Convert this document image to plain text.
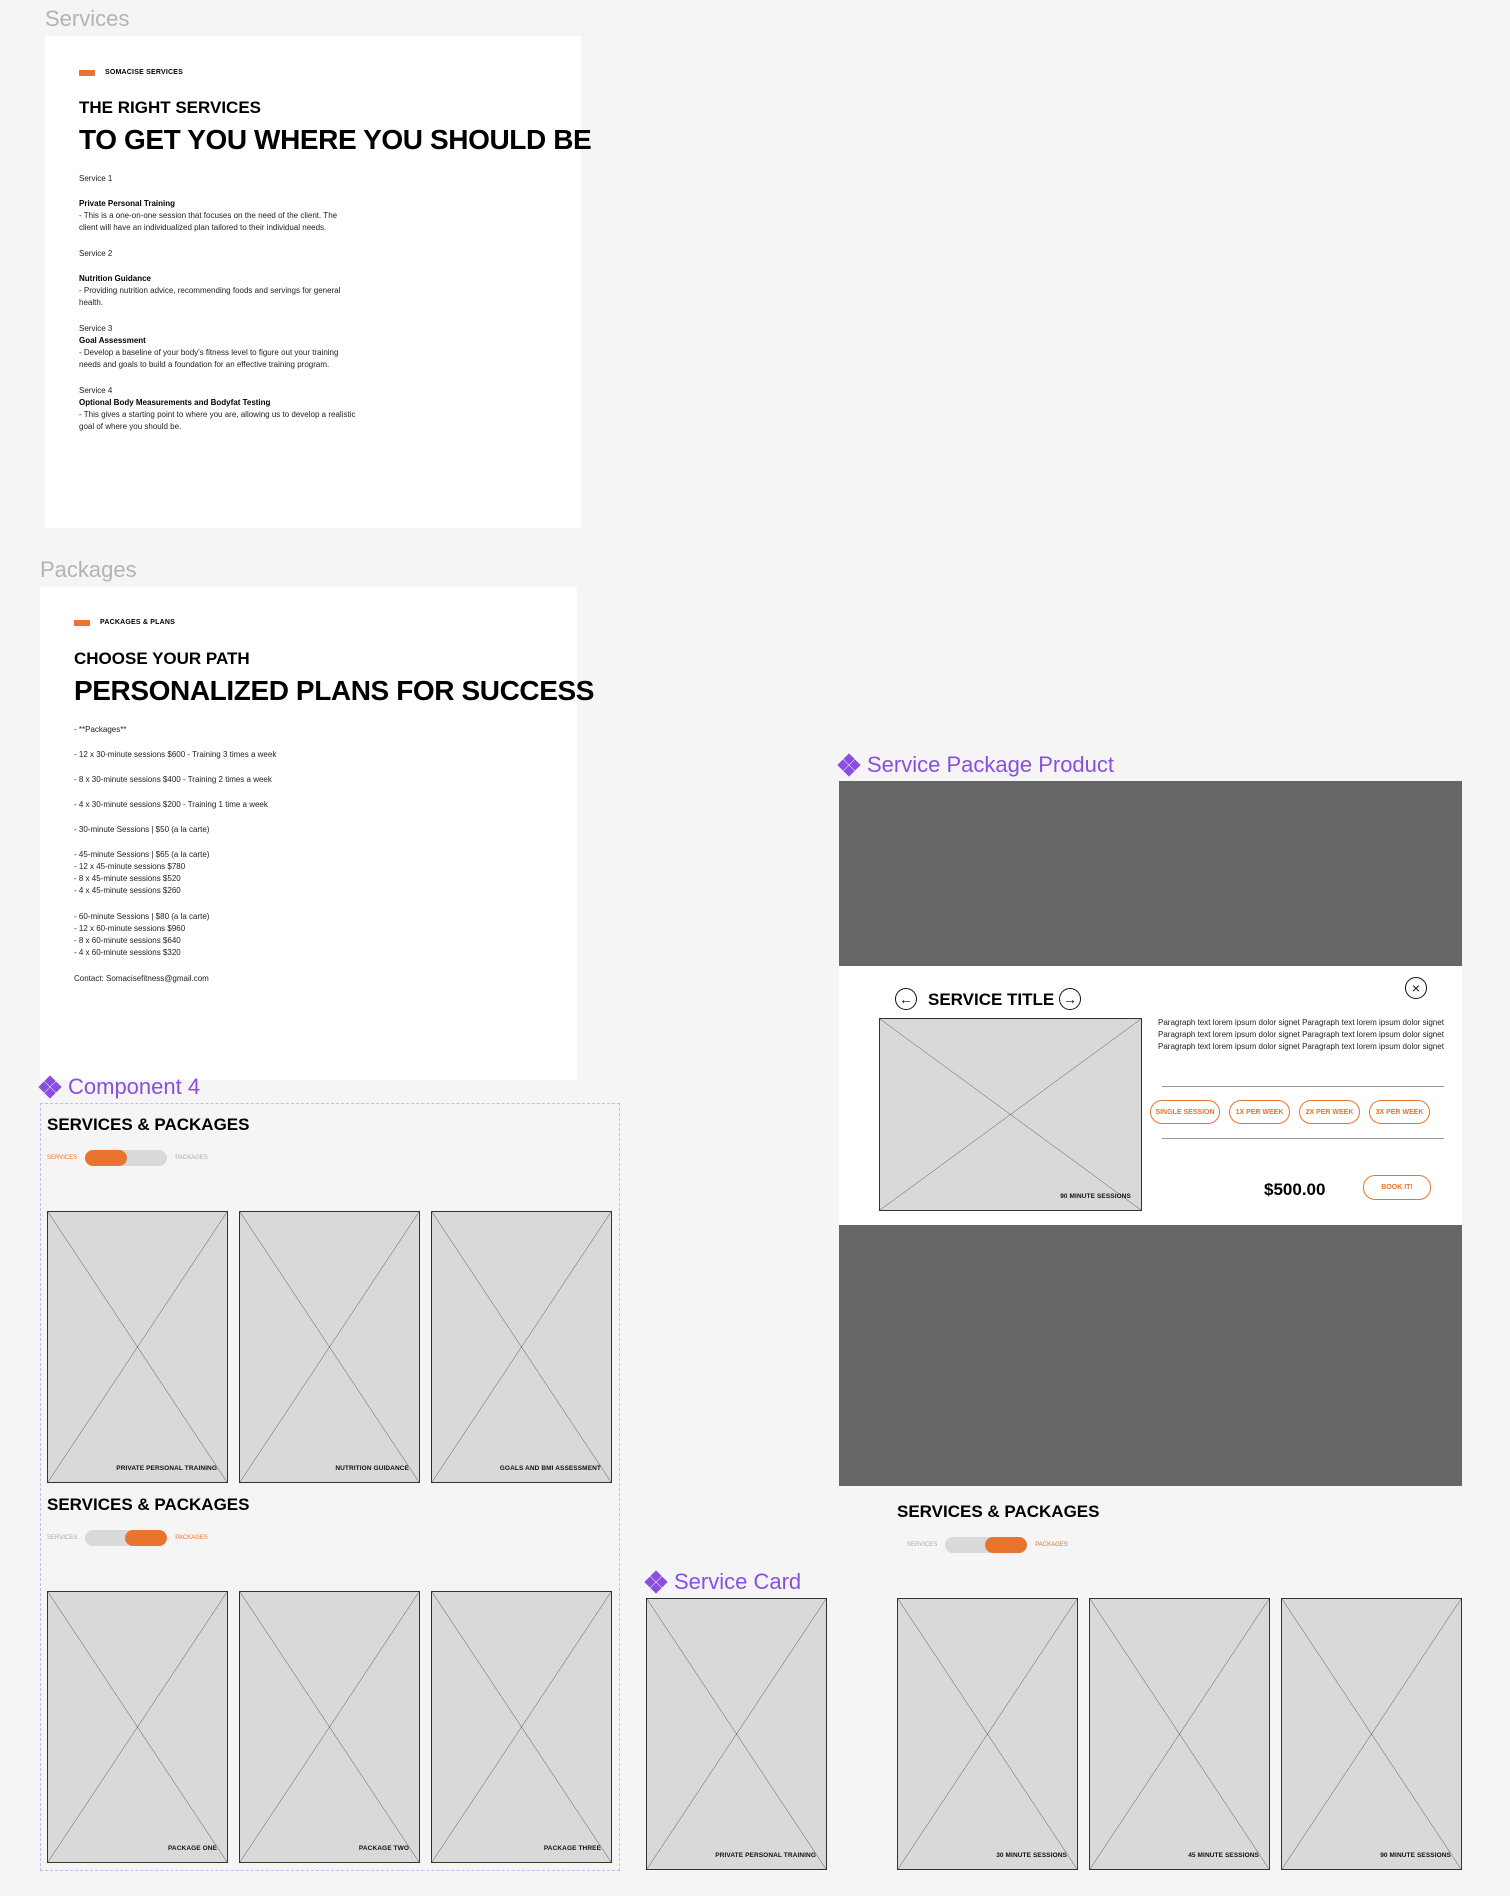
Services
Packages
SOMACISE SERVICES
THE RIGHT SERVICES
TO GET YOU WHERE YOU SHOULD BE
Service 1
Private Personal Training
- This is a one-on-one session that focuses on the need of the client. The
client will have an individualized plan tailored to their individual needs.
Service 2
Nutrition Guidance
- Providing nutrition advice, recommending foods and servings for general
health.
Service 3
Goal Assessment
- Develop a baseline of your body's fitness level to figure out your training
needs and goals to build a foundation for an effective training program.
Service 4
Optional Body Measurements and Bodyfat Testing
- This gives a starting point to where you are, allowing us to develop a realistic
goal of where you should be.
PACKAGES & PLANS
CHOOSE YOUR PATH
PERSONALIZED PLANS FOR SUCCESS
- **Packages**
- 12 x 30-minute sessions $600 - Training 3 times a week
- 8 x 30-minute sessions $400 - Training 2 times a week
- 4 x 30-minute sessions $200 - Training 1 time a week
- 30-minute Sessions | $50 (a la carte)
- 45-minute Sessions | $65 (a la carte)
- 12 x 45-minute sessions $780
- 8 x 45-minute sessions $520
- 4 x 45-minute sessions $260
- 60-minute Sessions | $80 (a la carte)
- 12 x 60-minute sessions $960
- 8 x 60-minute sessions $640
- 4 x 60-minute sessions $320
Contact: Somacisefitness@gmail.com
Component 4
SERVICES & PACKAGES
SERVICES	PACKAGES
PRIVATE PERSONAL TRAINING	NUTRITION GUIDANCE	GOALS AND BMI ASSESSMENT
SERVICES & PACKAGES
SERVICES	PACKAGES
PACKAGE ONE	PACKAGE TWO	PACKAGE THREE
Service Package Product
← SERVICE TITLE →
×
90 MINUTE SESSIONS
Paragraph text lorem ipsum dolor signet Paragraph text lorem ipsum dolor signet
Paragraph text lorem ipsum dolor signet Paragraph text lorem ipsum dolor signet
Paragraph text lorem ipsum dolor signet Paragraph text lorem ipsum dolor signet
SINGLE SESSION	1X PER WEEK	2X PER WEEK	3X PER WEEK
$500.00	BOOK IT!
Service Card
PRIVATE PERSONAL TRAINING
SERVICES & PACKAGES
SERVICES	PACKAGES
30 MINUTE SESSIONS	45 MINUTE SESSIONS	90 MINUTE SESSIONS
